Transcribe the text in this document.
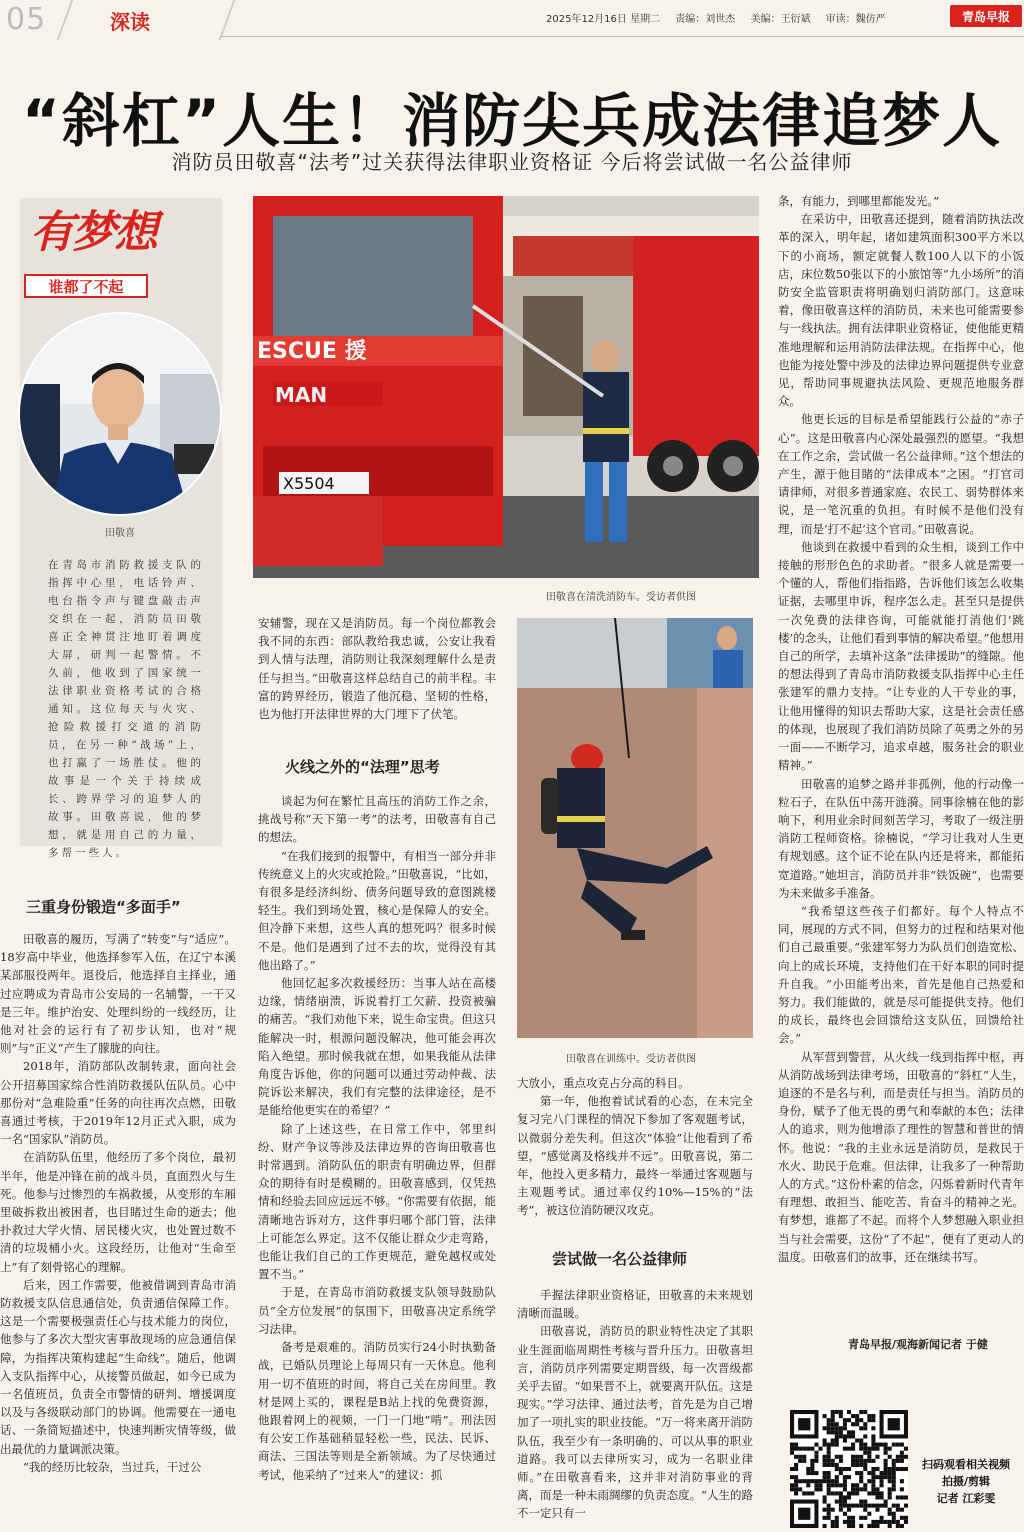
05	深读	2025年12月16日 星期二 责编：刘世杰 美编：王衍斌 审读：魏仿严	青岛早报
“斜杠”人生！消防尖兵成法律追梦人
消防员田敬喜“法考”过关获得法律职业资格证 今后将尝试做一名公益律师
有梦想
谁都了不起
田敬喜
在青岛市消防救援支队的指挥中心里，电话铃声、电台指令声与键盘敲击声交织在一起，消防员田敬喜正全神贯注地盯着调度大屏，研判一起警情。不久前，他收到了国家统一法律职业资格考试的合格通知。这位每天与火灾、抢险救援打交道的消防员，在另一种“战场”上，也打赢了一场胜仗。他的故事是一个关于持续成长、跨界学习的追梦人的故事。田敬喜说，他的梦想，就是用自己的力量，多帮一些人。
三重身份锻造“多面手”

田敬喜的履历，写满了“转变”与“适应”。18岁高中毕业，他选择参军入伍，在辽宁本溪某部服役两年。退役后，他选择自主择业，通过应聘成为青岛市公安局的一名辅警，一干又是三年。维护治安、处理纠纷的一线经历，让他对社会的运行有了初步认知，也对“规则”与“正义”产生了朦胧的向往。

2018年，消防部队改制转隶，面向社会公开招募国家综合性消防救援队伍队员。心中那份对“急难险重”任务的向往再次点燃，田敬喜通过考核，于2019年12月正式入职，成为一名“国家队”消防员。

在消防队伍里，他经历了多个岗位，最初半年，他是冲锋在前的战斗员，直面烈火与生死。他参与过惨烈的车祸救援，从变形的车厢里破拆救出被困者，也目睹过生命的逝去；他扑救过大学火情、居民楼火灾，也处置过数不清的垃圾桶小火。这段经历，让他对“生命至上”有了刻骨铭心的理解。

后来，因工作需要，他被借调到青岛市消防救援支队信息通信处，负责通信保障工作。这是一个需要极强责任心与技术能力的岗位，他参与了多次大型灾害事故现场的应急通信保障，为指挥决策构建起“生命线”。随后，他调入支队指挥中心，从接警员做起，如今已成为一名值班员，负责全市警情的研判、增援调度以及与各级联动部门的协调。他需要在一通电话、一条简短描述中，快速判断灾情等级，做出最优的力量调派决策。

“我的经历比较杂，当过兵，干过公

ESCUE 援
MAN
X5504
田敬喜在清洗消防车。受访者供图

安辅警，现在又是消防员。每一个岗位都教会我不同的东西：部队教给我忠诚，公安让我看到人情与法理，消防则让我深刻理解什么是责任与担当。”田敬喜这样总结自己的前半程。丰富的跨界经历，锻造了他沉稳、坚韧的性格，也为他打开法律世界的大门埋下了伏笔。

火线之外的“法理”思考

谈起为何在繁忙且高压的消防工作之余，挑战号称“天下第一考”的法考，田敬喜有自己的想法。

“在我们接到的报警中，有相当一部分并非传统意义上的火灾或抢险。”田敬喜说，“比如，有很多是经济纠纷、债务问题导致的意图跳楼轻生。我们到场处置，核心是保障人的安全。但冷静下来想，这些人真的想死吗？很多时候不是。他们是遇到了过不去的坎，觉得没有其他出路了。”

他回忆起多次救援经历：当事人站在高楼边缘，情绪崩溃，诉说着打工欠薪、投资被骗的痛苦。“我们劝他下来，说生命宝贵。但这只能解决一时，根源问题没解决，他可能会再次陷入绝望。那时候我就在想，如果我能从法律角度告诉他，你的问题可以通过劳动仲裁、法院诉讼来解决，我们有完整的法律途径，是不是能给他更实在的希望？”

除了上述这些，在日常工作中，邻里纠纷、财产争议等涉及法律边界的咨询田敬喜也时常遇到。消防队伍的职责有明确边界，但群众的期待有时是模糊的。田敬喜感到，仅凭热情和经验去回应远远不够。“你需要有依据，能清晰地告诉对方，这件事归哪个部门管，法律上可能怎么界定。这不仅能让群众少走弯路，也能让我们自己的工作更规范，避免越权或处置不当。”

于是，在青岛市消防救援支队领导鼓励队员“全方位发展”的氛围下，田敬喜决定系统学习法律。

备考是艰难的。消防员实行24小时执勤备战，已婚队员理论上每周只有一天休息。他利用一切不值班的时间，将自己关在房间里。教材是网上买的，课程是B站上找的免费资源，他跟着网上的视频，一门一门地“啃”。刑法因有公安工作基础稍显轻松一些，民法、民诉、商法、三国法等则是全新领域。为了尽快通过考试，他采纳了“过来人”的建议：抓

田敬喜在训练中。受访者供图

大放小，重点攻克占分高的科目。

第一年，他抱着试试看的心态，在未完全复习完八门课程的情况下参加了客观题考试，以微弱分差失利。但这次“体验”让他看到了希望，“感觉离及格线并不远”。田敬喜说，第二年，他投入更多精力，最终一举通过客观题与主观题考试。通过率仅约10%—15%的“法考”，被这位消防硬汉攻克。

尝试做一名公益律师

手握法律职业资格证，田敬喜的未来规划清晰而温暖。

田敬喜说，消防员的职业特性决定了其职业生涯面临周期性考核与晋升压力。田敬喜坦言，消防员序列需要定期晋级，每一次晋级都关乎去留。“如果晋不上，就要离开队伍。这是现实。”学习法律、通过法考，首先是为自己增加了一项扎实的职业技能。“万一将来离开消防队伍，我至少有一条明确的、可以从事的职业道路。我可以去律所实习，成为一名职业律师。”在田敬喜看来，这并非对消防事业的背离，而是一种未雨绸缪的负责态度。“人生的路不一定只有一

条，有能力，到哪里都能发光。”

在采访中，田敬喜还提到，随着消防执法改革的深入，明年起，诸如建筑面积300平方米以下的小商场，额定就餐人数100人以下的小饭店，床位数50张以下的小旅馆等“九小场所”的消防安全监管职责将明确划归消防部门。这意味着，像田敬喜这样的消防员，未来也可能需要参与一线执法。拥有法律职业资格证，使他能更精准地理解和运用消防法律法规。在指挥中心，他也能为接处警中涉及的法律边界问题提供专业意见，帮助同事规避执法风险、更规范地服务群众。

他更长远的目标是希望能践行公益的“赤子心”。这是田敬喜内心深处最强烈的愿望。“我想在工作之余，尝试做一名公益律师。”这个想法的产生，源于他目睹的“法律成本”之困。“打官司请律师，对很多普通家庭、农民工、弱势群体来说，是一笔沉重的负担。有时候不是他们没有理，而是‘打不起’这个官司。”田敬喜说。

他谈到在救援中看到的众生相，谈到工作中接触的形形色色的求助者。“很多人就是需要一个懂的人，帮他们指指路，告诉他们该怎么收集证据，去哪里申诉，程序怎么走。甚至只是提供一次免费的法律咨询，可能就能打消他们‘跳楼’的念头，让他们看到事情的解决希望。”他想用自己的所学，去填补这条“法律援助”的缝隙。他的想法得到了青岛市消防救援支队指挥中心主任张建军的鼎力支持。“让专业的人干专业的事，让他用懂得的知识去帮助大家，这是社会责任感的体现，也展现了我们消防员除了英勇之外的另一面——不断学习，追求卓越，服务社会的职业精神。”

田敬喜的追梦之路并非孤例，他的行动像一粒石子，在队伍中荡开涟漪。同事徐楠在他的影响下，利用业余时间刻苦学习，考取了一级注册消防工程师资格。徐楠说，“学习让我对人生更有规划感。这个证不论在队内还是将来，都能拓宽道路。”她坦言，消防员并非“铁饭碗”，也需要为未来做多手准备。

“我希望这些孩子们都好。每个人特点不同，展现的方式不同，但努力的过程和结果对他们自己最重要。”张建军努力为队员们创造宽松、向上的成长环境，支持他们在干好本职的同时提升自我。“小田能考出来，首先是他自己热爱和努力。我们能做的，就是尽可能提供支持。他们的成长，最终也会回馈给这支队伍，回馈给社会。”

从军营到警营，从火线一线到指挥中枢，再从消防战场到法律考场，田敬喜的“斜杠”人生，追逐的不是名与利，而是责任与担当。消防员的身份，赋予了他无畏的勇气和奉献的本色；法律人的追求，则为他增添了理性的智慧和普世的情怀。他说：“我的主业永远是消防员，是救民于水火、助民于危难。但法律，让我多了一种帮助人的方式。”这份朴素的信念，闪烁着新时代青年有理想、敢担当、能吃苦、肯奋斗的精神之光。有梦想，谁都了不起。而将个人梦想融入职业担当与社会需要，这份“了不起”，便有了更动人的温度。田敬喜们的故事，还在继续书写。

青岛早报/观海新闻记者 于健
扫码观看相关视频
拍摄/剪辑
记者 江彩雯
